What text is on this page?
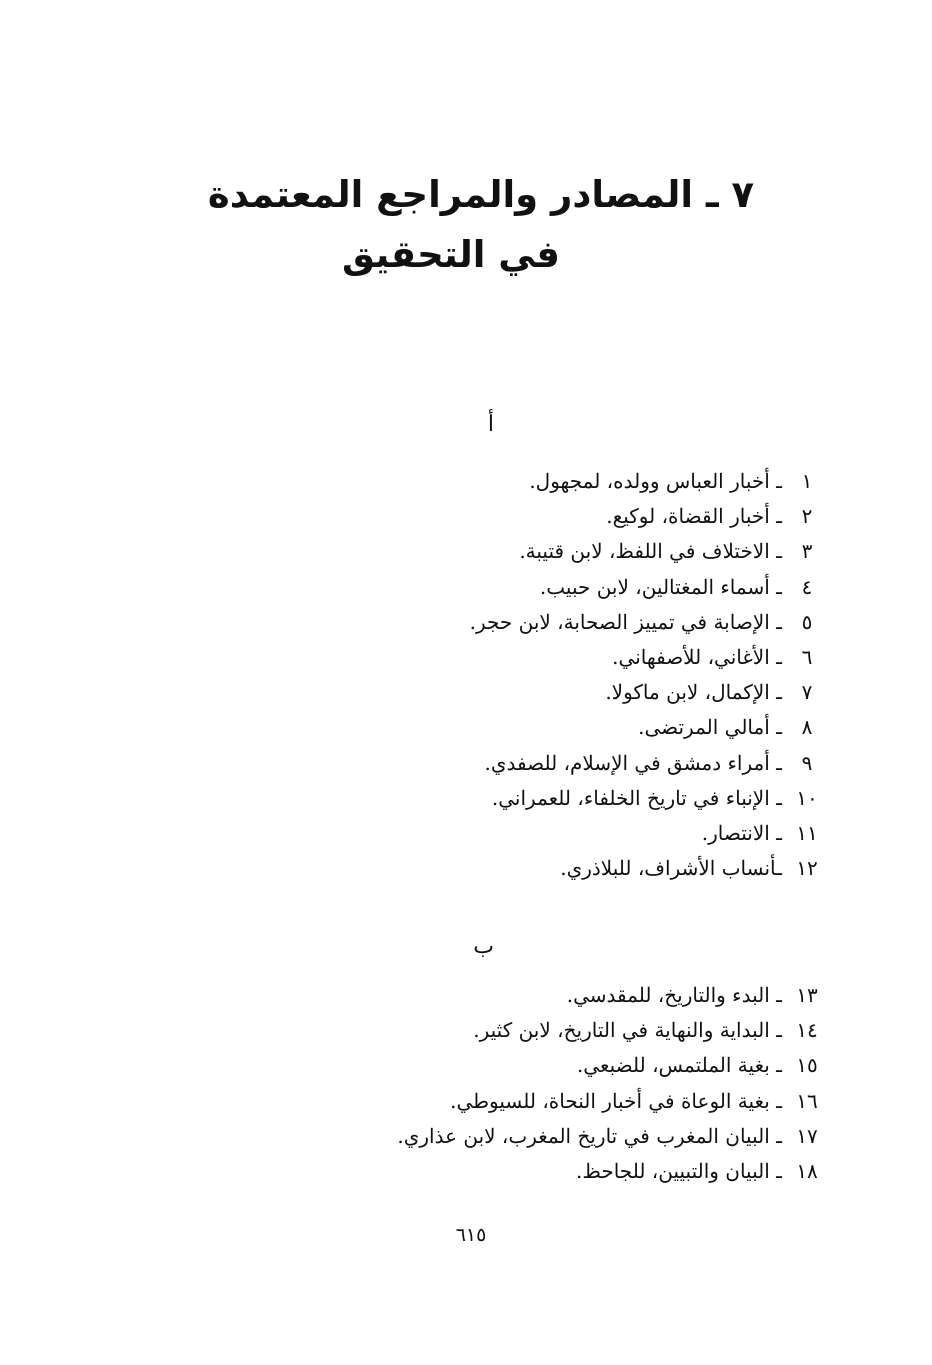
٧ ـ المصادر والمراجع المعتمدة
في التحقيق
أ
١
ـ أخبار العباس وولده، لمجهول.
٢
ـ أخبار القضاة، لوكيع.
٣
ـ الاختلاف في اللفظ، لابن قتيبة.
٤
ـ أسماء المغتالين، لابن حبيب.
٥
ـ الإصابة في تمييز الصحابة، لابن حجر.
٦
ـ الأغاني، للأصفهاني.
٧
ـ الإكمال، لابن ماكولا.
٨
ـ أمالي المرتضى.
٩
ـ أمراء دمشق في الإسلام، للصفدي.
١٠
ـ الإنباء في تاريخ الخلفاء، للعمراني.
١١
ـ الانتصار.
١٢
ـأنساب الأشراف، للبلاذري.
ب
١٣
ـ البدء والتاريخ، للمقدسي.
١٤
ـ البداية والنهاية في التاريخ، لابن كثير.
١٥
ـ بغية الملتمس، للضبعي.
١٦
ـ بغية الوعاة في أخبار النحاة، للسيوطي.
١٧
ـ البيان المغرب في تاريخ المغرب، لابن عذاري.
١٨
ـ البيان والتبيين، للجاحظ.
٦١٥
